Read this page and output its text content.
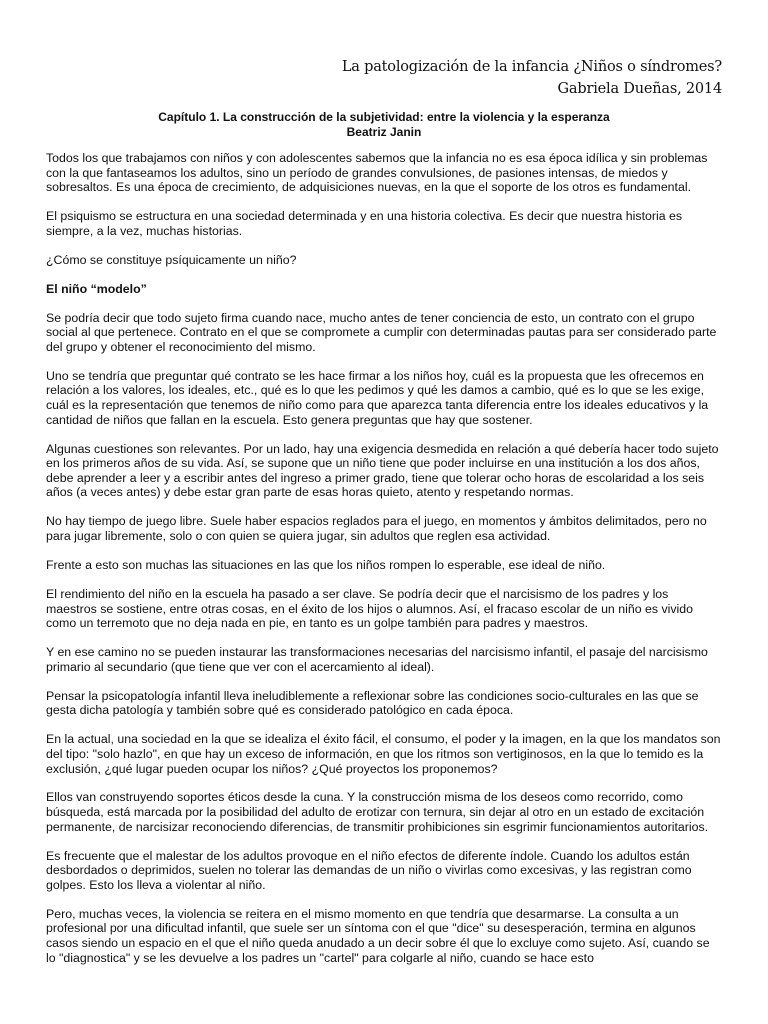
La patologización de la infancia ¿Niños o síndromes?
Gabriela Dueñas, 2014
Capítulo 1. La construcción de la subjetividad: entre la violencia y la esperanza
Beatriz Janin

Todos los que trabajamos con niños y con adolescentes sabemos que la infancia no es esa época idílica y sin problemas con la que fantaseamos los adultos, sino un período de grandes convulsiones, de pasiones intensas, de miedos y sobresaltos. Es una época de crecimiento, de adquisiciones nuevas, en la que el soporte de los otros es fundamental.

El psiquismo se estructura en una sociedad determinada y en una historia colectiva. Es decir que nuestra historia es siempre, a la vez, muchas historias.

¿Cómo se constituye psíquicamente un niño?

El niño “modelo”

Se podría decir que todo sujeto firma cuando nace, mucho antes de tener conciencia de esto, un contrato con el grupo social al que pertenece. Contrato en el que se compromete a cumplir con determinadas pautas para ser considerado parte del grupo y obtener el reconocimiento del mismo.

Uno se tendría que preguntar qué contrato se les hace firmar a los niños hoy, cuál es la propuesta que les ofrecemos en relación a los valores, los ideales, etc., qué es lo que les pedimos y qué les damos a cambio, qué es lo que se les exige, cuál es la representación que tenemos de niño como para que aparezca tanta diferencia entre los ideales educativos y la cantidad de niños que fallan en la escuela. Esto genera preguntas que hay que sostener.

Algunas cuestiones son relevantes. Por un lado, hay una exigencia desmedida en relación a qué debería hacer todo sujeto en los primeros años de su vida. Así, se supone que un niño tiene que poder incluirse en una institución a los dos años, debe aprender a leer y a escribir antes del ingreso a primer grado, tiene que tolerar ocho horas de escolaridad a los seis años (a veces antes) y debe estar gran parte de esas horas quieto, atento y respetando normas.

No hay tiempo de juego libre. Suele haber espacios reglados para el juego, en momentos y ámbitos delimitados, pero no para jugar libremente, solo o con quien se quiera jugar, sin adultos que reglen esa actividad.

Frente a esto son muchas las situaciones en las que los niños rompen lo esperable, ese ideal de niño.

El rendimiento del niño en la escuela ha pasado a ser clave. Se podría decir que el narcisismo de los padres y los maestros se sostiene, entre otras cosas, en el éxito de los hijos o alumnos. Así, el fracaso escolar de un niño es vivido como un terremoto que no deja nada en pie, en tanto es un golpe también para padres y maestros.

Y en ese camino no se pueden instaurar las transformaciones necesarias del narcisismo infantil, el pasaje del narcisismo primario al secundario (que tiene que ver con el acercamiento al ideal).

Pensar la psicopatología infantil lleva ineludiblemente a reflexionar sobre las condiciones socio-culturales en las que se gesta dicha patología y también sobre qué es considerado patológico en cada época.

En la actual, una sociedad en la que se idealiza el éxito fácil, el consumo, el poder y la imagen, en la que los mandatos son del tipo: "solo hazlo", en que hay un exceso de información, en que los ritmos son vertiginosos, en la que lo temido es la exclusión, ¿qué lugar pueden ocupar los niños? ¿Qué proyectos los proponemos?

Ellos van construyendo soportes éticos desde la cuna. Y la construcción misma de los deseos como recorrido, como búsqueda, está marcada por la posibilidad del adulto de erotizar con ternura, sin dejar al otro en un estado de excitación permanente, de narcisizar reconociendo diferencias, de transmitir prohibiciones sin esgrimir funcionamientos autoritarios.

Es frecuente que el malestar de los adultos provoque en el niño efectos de diferente índole. Cuando los adultos están desbordados o deprimidos, suelen no tolerar las demandas de un niño o vivirlas como excesivas, y las registran como golpes. Esto los lleva a violentar al niño.

Pero, muchas veces, la violencia se reitera en el mismo momento en que tendría que desarmarse. La consulta a un profesional por una dificultad infantil, que suele ser un síntoma con el que "dice" su desesperación, termina en algunos casos siendo un espacio en el que el niño queda anudado a un decir sobre él que lo excluye como sujeto. Así, cuando se lo "diagnostica" y se les devuelve a los padres un "cartel" para colgarle al niño, cuando se hace esto
